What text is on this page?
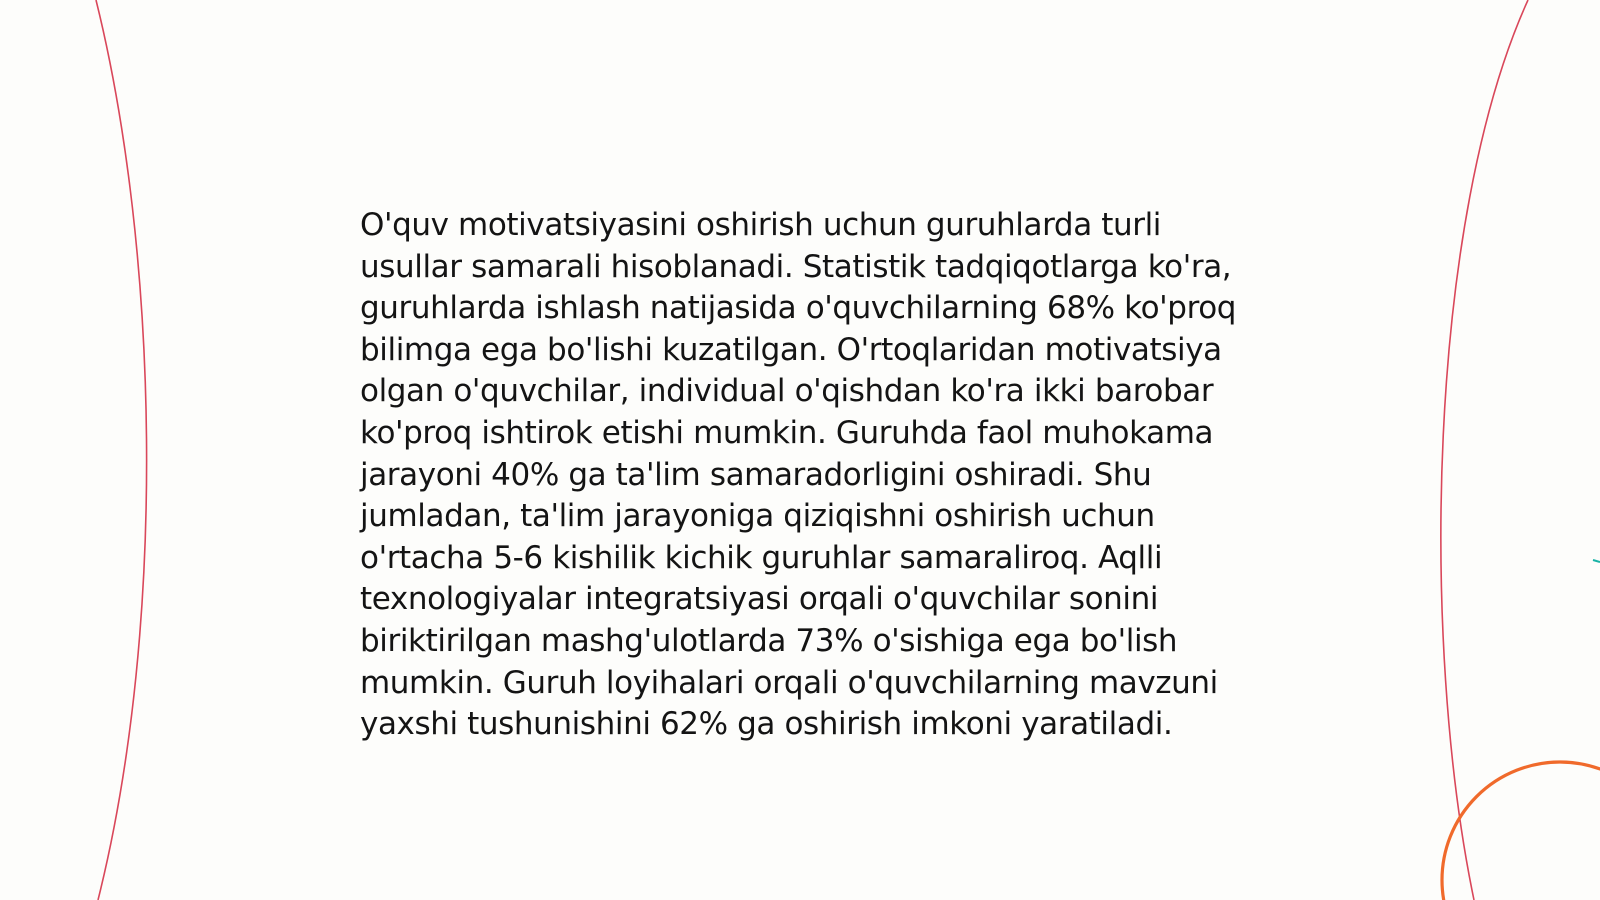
O'quv motivatsiyasini oshirish uchun guruhlarda turli usullar samarali hisoblanadi. Statistik tadqiqotlarga ko'ra, guruhlarda ishlash natijasida o'quvchilarning 68% ko'proq bilimga ega bo'lishi kuzatilgan. O'rtoqlaridan motivatsiya olgan o'quvchilar, individual o'qishdan ko'ra ikki barobar ko'proq ishtirok etishi mumkin. Guruhda faol muhokama jarayoni 40% ga ta'lim samaradorligini oshiradi. Shu jumladan, ta'lim jarayoniga qiziqishni oshirish uchun o'rtacha 5-6 kishilik kichik guruhlar samaraliroq. Aqlli texnologiyalar integratsiyasi orqali o'quvchilar sonini biriktirilgan mashg'ulotlarda 73% o'sishiga ega bo'lish mumkin. Guruh loyihalari orqali o'quvchilarning mavzuni yaxshi tushunishini 62% ga oshirish imkoni yaratiladi.
